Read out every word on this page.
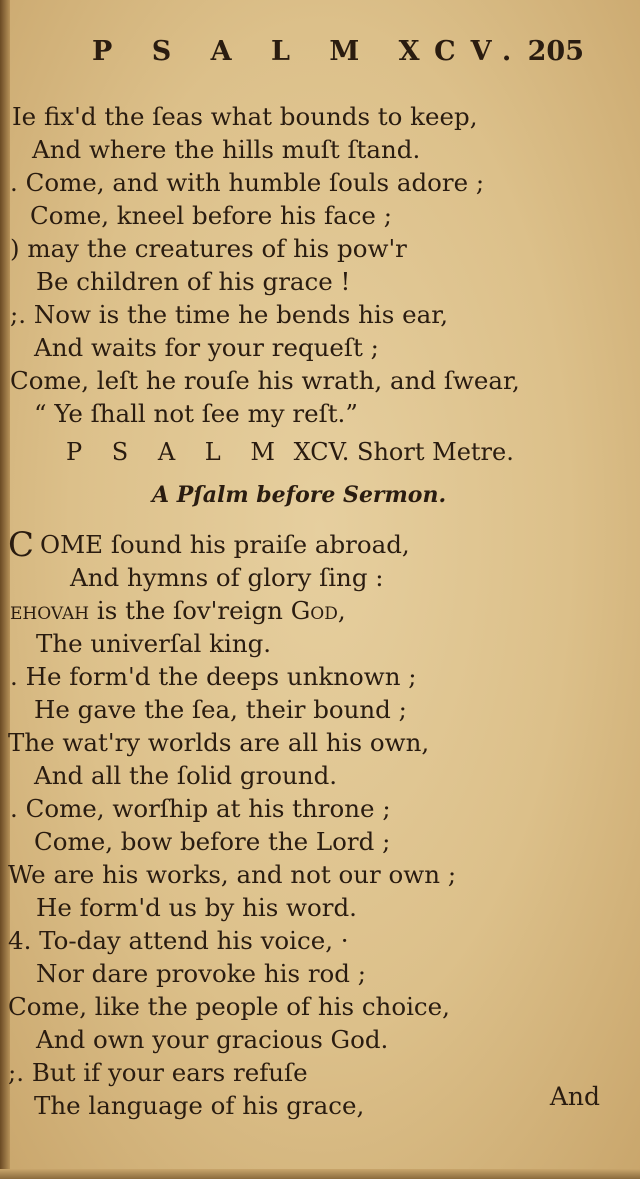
P S A L M XCV. 205
Ie fix'd the ſeas what bounds to keep,
And where the hills muſt ſtand.
. Come, and with humble ſouls adore ;
Come, kneel before his face ;
) may the creatures of his pow'r
Be children of his grace !
;. Now is the time he bends his ear,
And waits for your requeſt ;
Come, leſt he rouſe his wrath, and ſwear,
“ Ye ſhall not ſee my reſt.”
P S A L M XCV. Short Metre.
A Pſalm before Sermon.
C OME ſound his praiſe abroad,
And hymns of glory ſing :
ehovah is the ſov'reign God,
The univerſal king.
. He form'd the deeps unknown ;
He gave the ſea, their bound ;
The wat'ry worlds are all his own,
And all the ſolid ground.
. Come, worſhip at his throne ;
Come, bow before the Lord ;
We are his works, and not our own ;
He form'd us by his word.
4. To-day attend his voice, ·
Nor dare provoke his rod ;
Come, like the people of his choice,
And own your gracious God.
;. But if your ears refuſe
The language of his grace,	And
